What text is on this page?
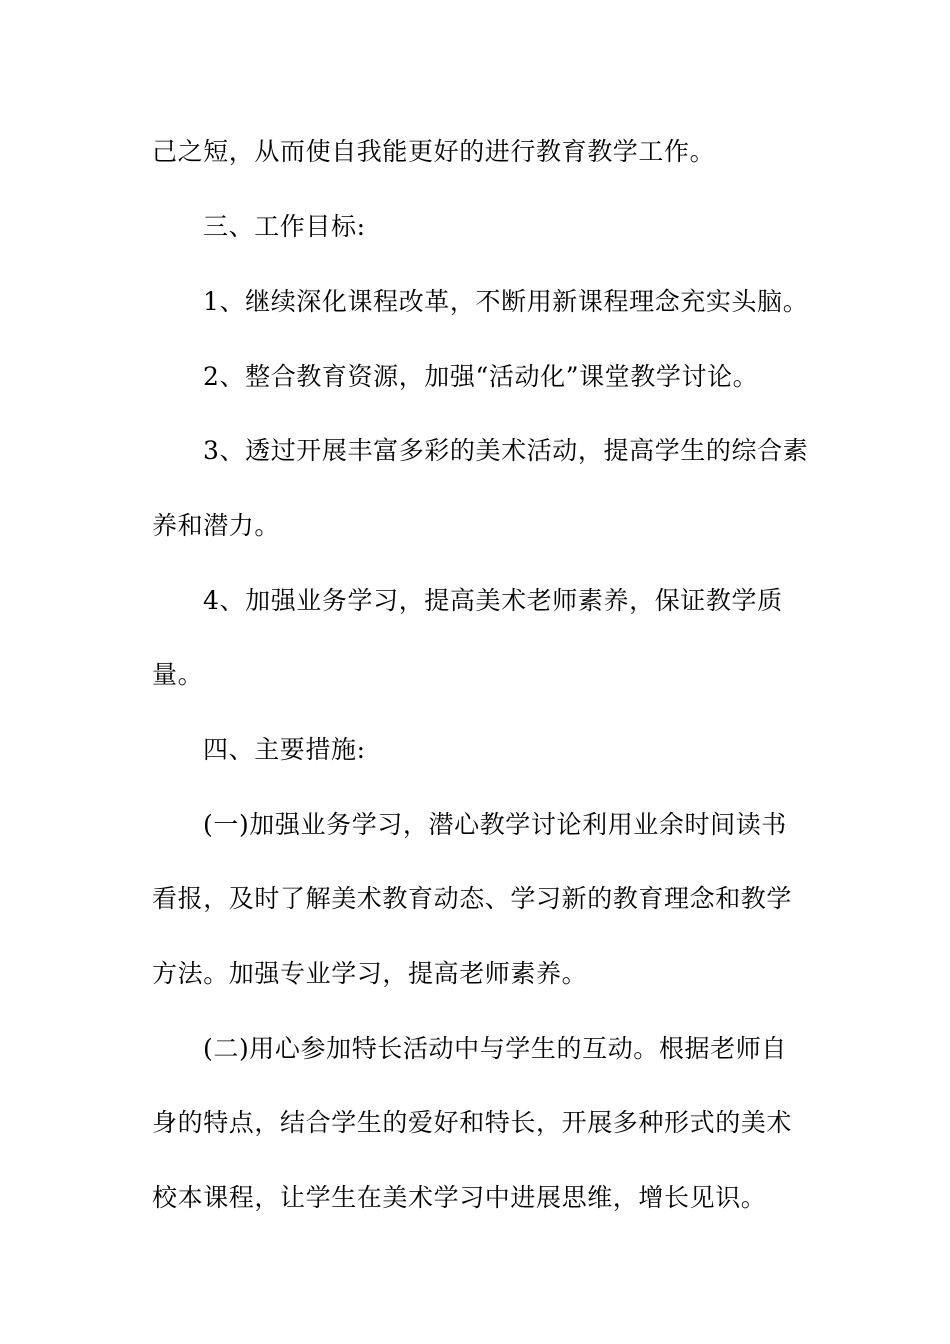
己之短，从而使自我能更好的进行教育教学工作。
三、工作目标:
1、继续深化课程改革，不断用新课程理念充实头脑。
2、整合教育资源，加强“活动化”课堂教学讨论。
3、透过开展丰富多彩的美术活动，提高学生的综合素
养和潜力。
4、加强业务学习，提高美术老师素养，保证教学质
量。
四、主要措施:
(一)加强业务学习，潜心教学讨论利用业余时间读书
看报，及时了解美术教育动态、学习新的教育理念和教学
方法。加强专业学习，提高老师素养。
(二)用心参加特长活动中与学生的互动。根据老师自
身的特点，结合学生的爱好和特长，开展多种形式的美术
校本课程，让学生在美术学习中进展思维，增长见识。
